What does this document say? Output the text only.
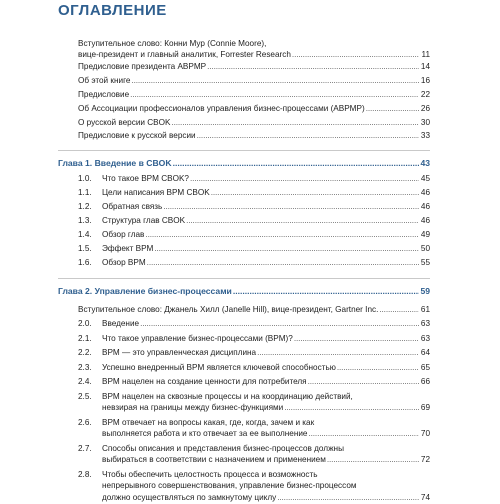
ОГЛАВЛЕНИЕ
Вступительное слово: Конни Мур (Connie Moore),
вице-президент и главный аналитик, Forrester Research . . .	11
Предисловие президента ABPMP . . .	14
Об этой книге . . .	16
Предисловие . . .	22
Об Ассоциации профессионалов управления бизнес-процессами (ABPMP) . . .	26
О русской версии CBOK . . .	30
Предисловие к русской версии . . .	33
Глава 1. Введение в CBOK . . .	43
1.0.	Что такое BPM CBOK? . . .	45
1.1.	Цели написания BPM CBOK . . .	46
1.2.	Обратная связь . . .	46
1.3.	Структура глав CBOK . . .	46
1.4.	Обзор глав . . .	49
1.5.	Эффект BPM . . .	50
1.6.	Обзор BPM . . .	55
Глава 2. Управление бизнес-процессами . . .	59
Вступительное слово: Джанель Хилл (Janelle Hill), вице-президент, Gartner Inc. . . .	61
2.0.	Введение . . .	63
2.1.	Что такое управление бизнес-процессами (BPM)? . . .	63
2.2.	BPM — это управленческая дисциплина . . .	64
2.3.	Успешно внедренный BPM является ключевой способностью . . .	65
2.4.	BPM нацелен на создание ценности для потребителя . . .	66
2.5.	BPM нацелен на сквозные процессы и на координацию действий,
невзирая на границы между бизнес-функциями . . .	69
2.6.	BPM отвечает на вопросы какая, где, когда, зачем и как
выполняется работа и кто отвечает за ее выполнение . . .	70
2.7.	Способы описания и представления бизнес-процессов должны
выбираться в соответствии с назначением и применением . . .	72
2.8.	Чтобы обеспечить целостность процесса и возможность
непрерывного совершенствования, управление бизнес-процессом
должно осуществляться по замкнутому циклу . . .	74
